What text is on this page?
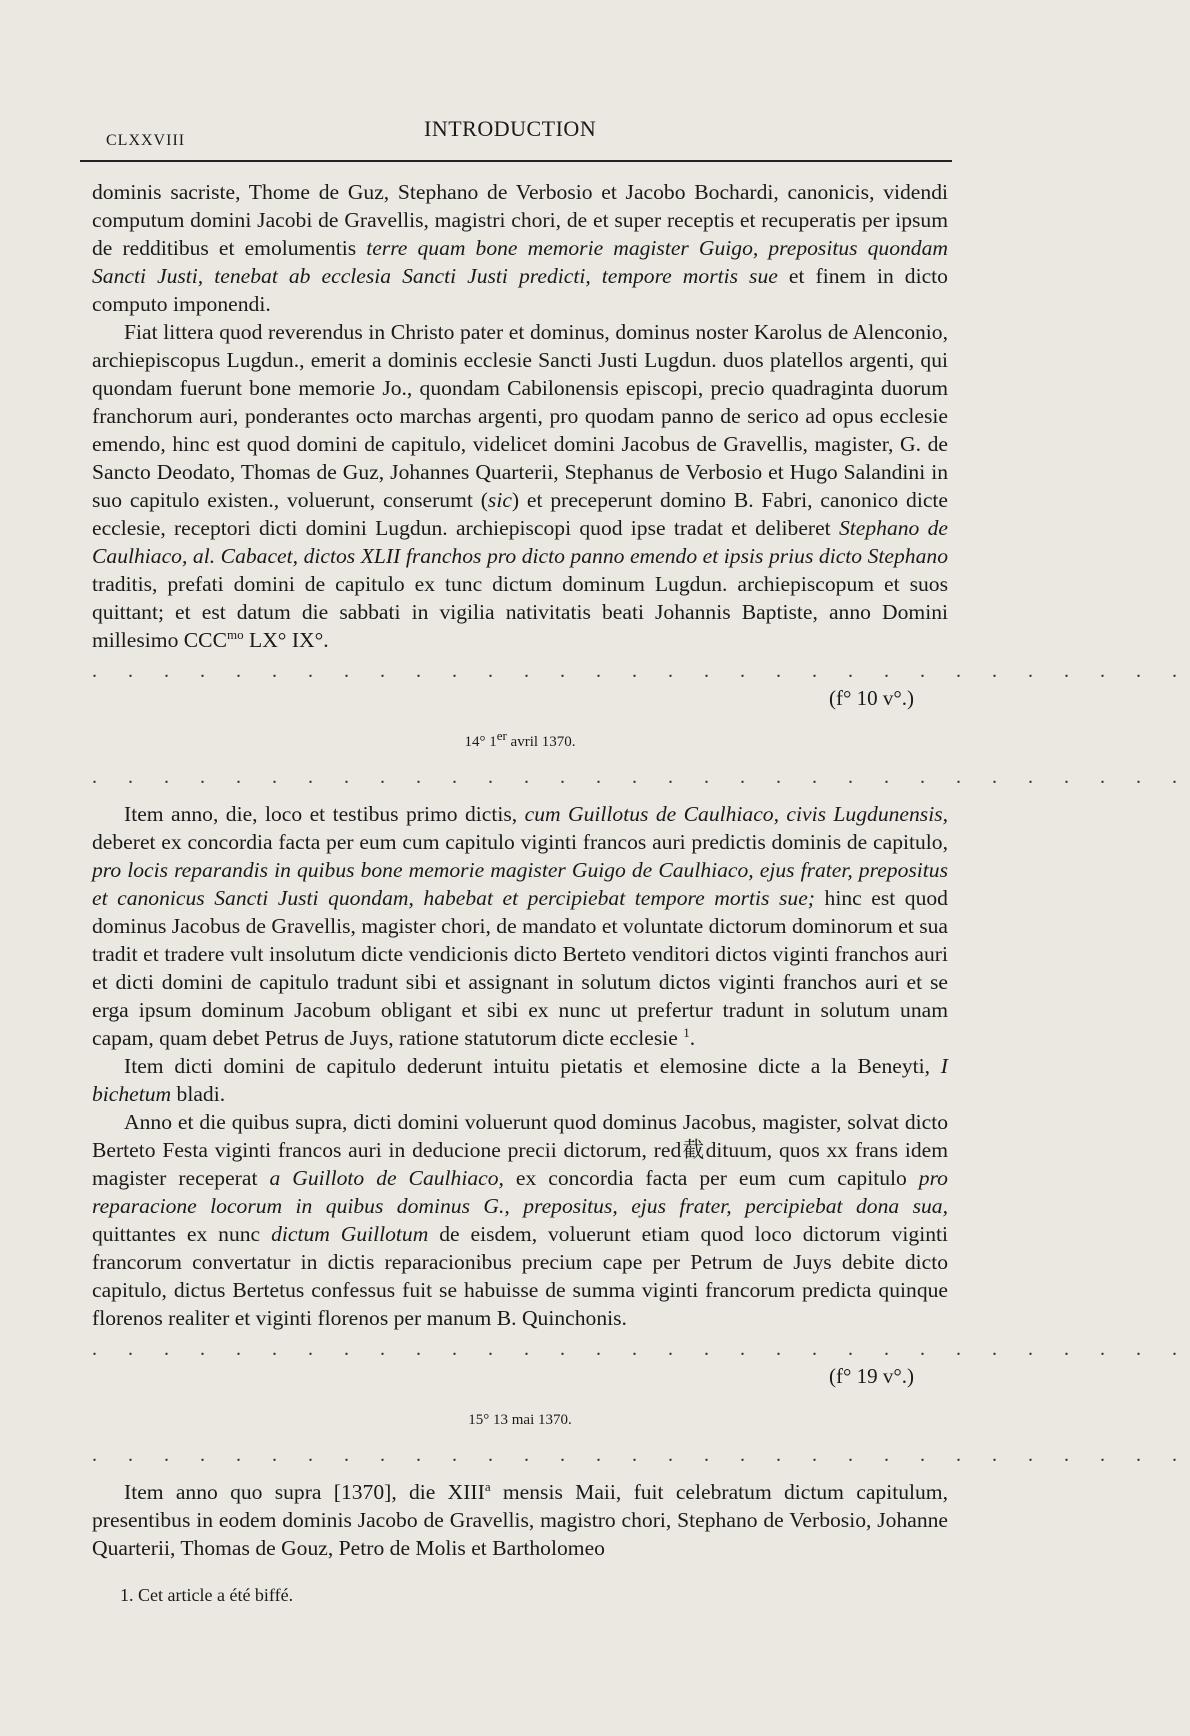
CLXXVIII	INTRODUCTION

dominis sacriste, Thome de Guz, Stephano de Verbosio et Jacobo Bochardi, canonicis, videndi computum domini Jacobi de Gravellis, magistri chori, de et super receptis et recuperatis per ipsum de redditibus et emolumentis terre quam bone memorie magister Guigo, prepositus quondam Sancti Justi, tenebat ab ecclesia Sancti Justi predicti, tempore mortis sue et finem in dicto computo imponendi.

Fiat littera quod reverendus in Christo pater et dominus, dominus noster Karolus de Alenconio, archiepiscopus Lugdun., emerit a dominis ecclesie Sancti Justi Lugdun. duos platellos argenti, qui quondam fuerunt bone memorie Jo., quondam Cabilonensis episcopi, precio quadraginta duorum franchorum auri, ponderantes octo marchas argenti, pro quodam panno de serico ad opus ecclesie emendo, hinc est quod domini de capitulo, videlicet domini Jacobus de Gravellis, magister, G. de Sancto Deodato, Thomas de Guz, Johannes Quarterii, Stephanus de Verbosio et Hugo Salandini in suo capitulo existen., voluerunt, conserumt (sic) et preceperunt domino B. Fabri, canonico dicte ecclesie, receptori dicti domini Lugdun. archiepiscopi quod ipse tradat et deliberet Stephano de Caulhiaco, al. Cabacet, dictos XLII franchos pro dicto panno emendo et ipsis prius dicto Stephano traditis, prefati domini de capitulo ex tunc dictum dominum Lugdun. archiepiscopum et suos quittant; et est datum die sabbati in vigilia nativitatis beati Johannis Baptiste, anno Domini millesimo $CCC^{mo}$ LX° IX°.

. . . . . . . . . . . . . . . . . . . . . . . . . . . . . . .
(f° 10 v°.)
14° 1er avril 1370.
. . . . . . . . . . . . . . . . . . . . . . . . . . . . . . .

Item anno, die, loco et testibus primo dictis, cum Guillotus de Caulhiaco, civis Lugdunensis, deberet ex concordia facta per eum cum capitulo viginti francos auri predictis dominis de capitulo, pro locis reparandis in quibus bone memorie magister Guigo de Caulhiaco, ejus frater, prepositus et canonicus Sancti Justi quondam, habebat et percipiebat tempore mortis sue; hinc est quod dominus Jacobus de Gravellis, magister chori, de mandato et voluntate dictorum dominorum et sua tradit et tradere vult insolutum dicte vendicionis dicto Berteto venditori dictos viginti franchos auri et dicti domini de capitulo tradunt sibi et assignant in solutum dictos viginti franchos auri et se erga ipsum dominum Jacobum obligant et sibi ex nunc ut prefertur tradunt in solutum unam capam, quam debet Petrus de Juys, ratione statutorum dicte ecclesie $^1$.

Item dicti domini de capitulo dederunt intuitu pietatis et elemosine dicte a la Beneyti, I bichetum bladi.

Anno et die quibus supra, dicti domini voluerunt quod dominus Jacobus, magister, solvat dicto Berteto Festa viginti francos auri in deducione precii dictorum, red截dituum, quos xx frans idem magister receperat a Guilloto de Caulhiaco, ex concordia facta per eum cum capitulo pro reparacione locorum in quibus dominus G., prepositus, ejus frater, percipiebat dona sua, quittantes ex nunc dictum Guillotum de eisdem, voluerunt etiam quod loco dictorum viginti francorum convertatur in dictis reparacionibus precium cape per Petrum de Juys debite dicto capitulo, dictus Bertetus confessus fuit se habuisse de summa viginti francorum predicta quinque florenos realiter et viginti florenos per manum B. Quinchonis.

. . . . . . . . . . . . . . . . . . . . . . . . . . . . . . .
(f° 19 v°.)
15° 13 mai 1370.
. . . . . . . . . . . . . . . . . . . . . . . . . . . . . . .

Item anno quo supra [1370], die XIII$^a$ mensis Maii, fuit celebratum dictum capitulum, presentibus in eodem dominis Jacobo de Gravellis, magistro chori, Stephano de Verbosio, Johanne Quarterii, Thomas de Gouz, Petro de Molis et Bartholomeo

1. Cet article a été biffé.
